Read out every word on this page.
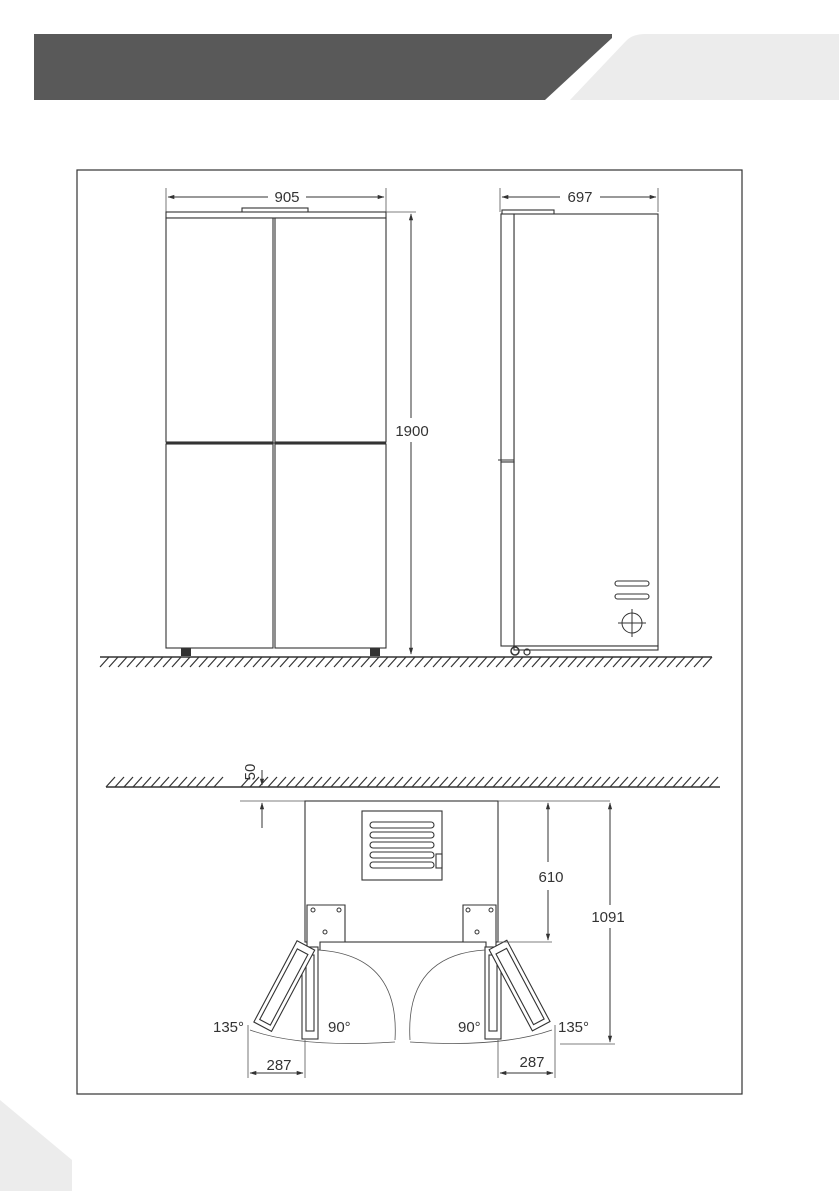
905
1900
697
50
135°	90°	90°	135°
287	287
610
1091
